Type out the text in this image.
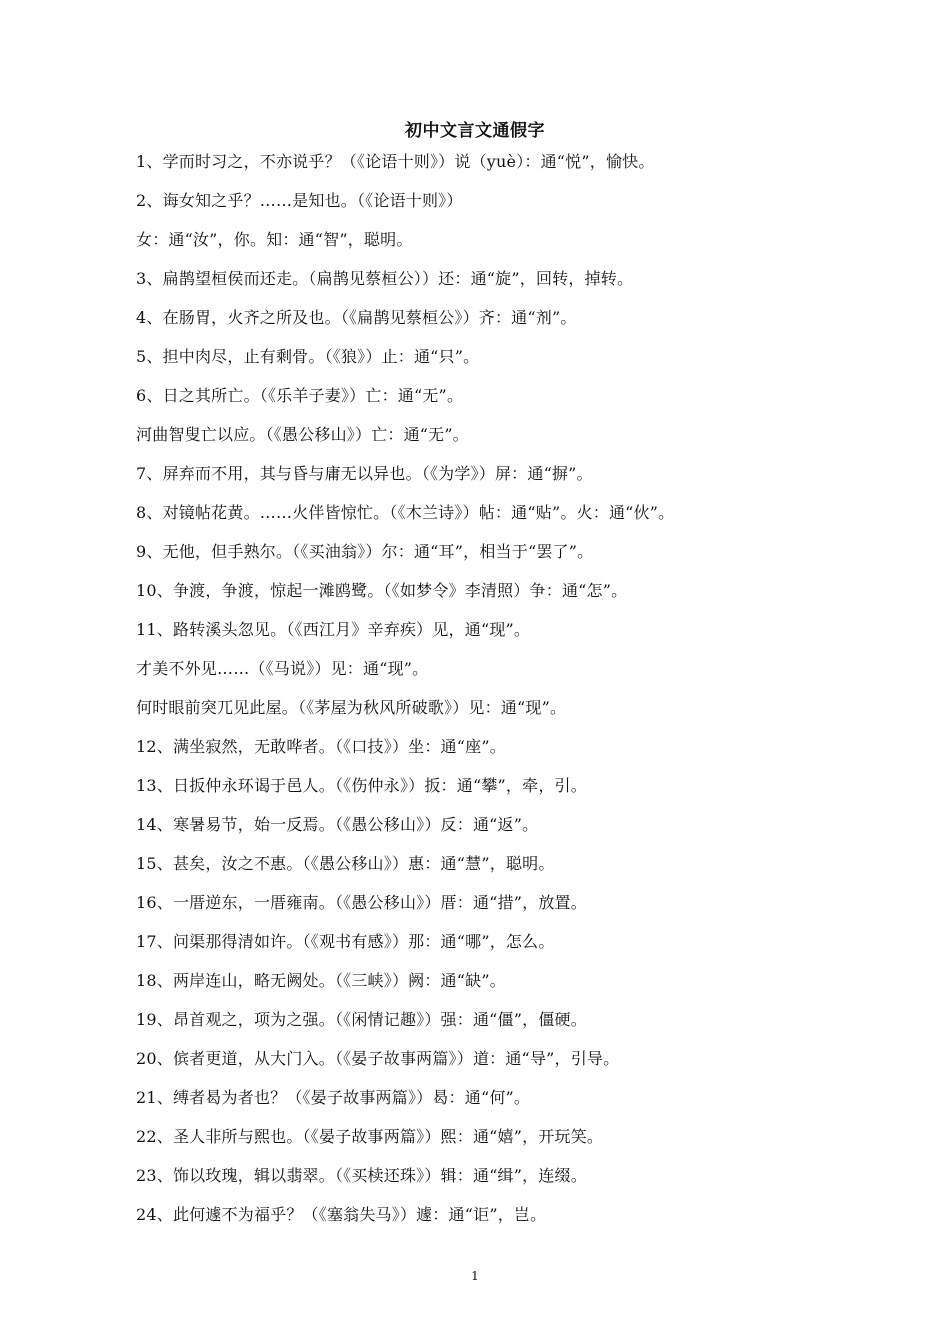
初中文言文通假字
1、学而时习之，不亦说乎？（《论语十则》）说（yuè）：通“悦”，愉快。
2、诲女知之乎？……是知也。（《论语十则》）
女：通“汝”，你。知：通“智”，聪明。
3、扁鹊望桓侯而还走。（扁鹊见蔡桓公））还：通“旋”，回转，掉转。
4、在肠胃，火齐之所及也。（《扁鹊见蔡桓公》）齐：通“剂”。
5、担中肉尽，止有剩骨。（《狼》）止：通“只”。
6、日之其所亡。（《乐羊子妻》）亡：通“无”。
河曲智叟亡以应。（《愚公移山》）亡：通“无”。
7、屏弃而不用，其与昏与庸无以异也。（《为学》）屏：通“摒”。
8、对镜帖花黄。……火伴皆惊忙。（《木兰诗》）帖：通“贴”。火：通“伙”。
9、无他，但手熟尔。（《买油翁》）尔：通“耳”，相当于“罢了”。
10、争渡，争渡，惊起一滩鸥鹭。（《如梦令》李清照）争：通“怎”。
11、路转溪头忽见。（《西江月》辛弃疾）见，通“现”。
才美不外见……（《马说》）见：通“现”。
何时眼前突兀见此屋。（《茅屋为秋风所破歌》）见：通“现”。
12、满坐寂然，无敢哗者。（《口技》）坐：通“座”。
13、日扳仲永环谒于邑人。（《伤仲永》）扳：通“攀”，牵，引。
14、寒暑易节，始一反焉。（《愚公移山》）反：通“返”。
15、甚矣，汝之不惠。（《愚公移山》）惠：通“慧”，聪明。
16、一厝逆东，一厝雍南。（《愚公移山》）厝：通“措”，放置。
17、问渠那得清如许。（《观书有感》）那：通“哪”，怎么。
18、两岸连山，略无阙处。（《三峡》）阙：通“缺”。
19、昂首观之，项为之强。（《闲情记趣》）强：通“僵”，僵硬。
20、傧者更道，从大门入。（《晏子故事两篇》）道：通“导”，引导。
21、缚者曷为者也？（《晏子故事两篇》）曷：通“何”。
22、圣人非所与熙也。（《晏子故事两篇》）熙：通“嬉”，开玩笑。
23、饰以玫瑰，辑以翡翠。（《买椟还珠》）辑：通“缉”，连缀。
24、此何遽不为福乎？（《塞翁失马》）遽：通“讵”，岂。
1
